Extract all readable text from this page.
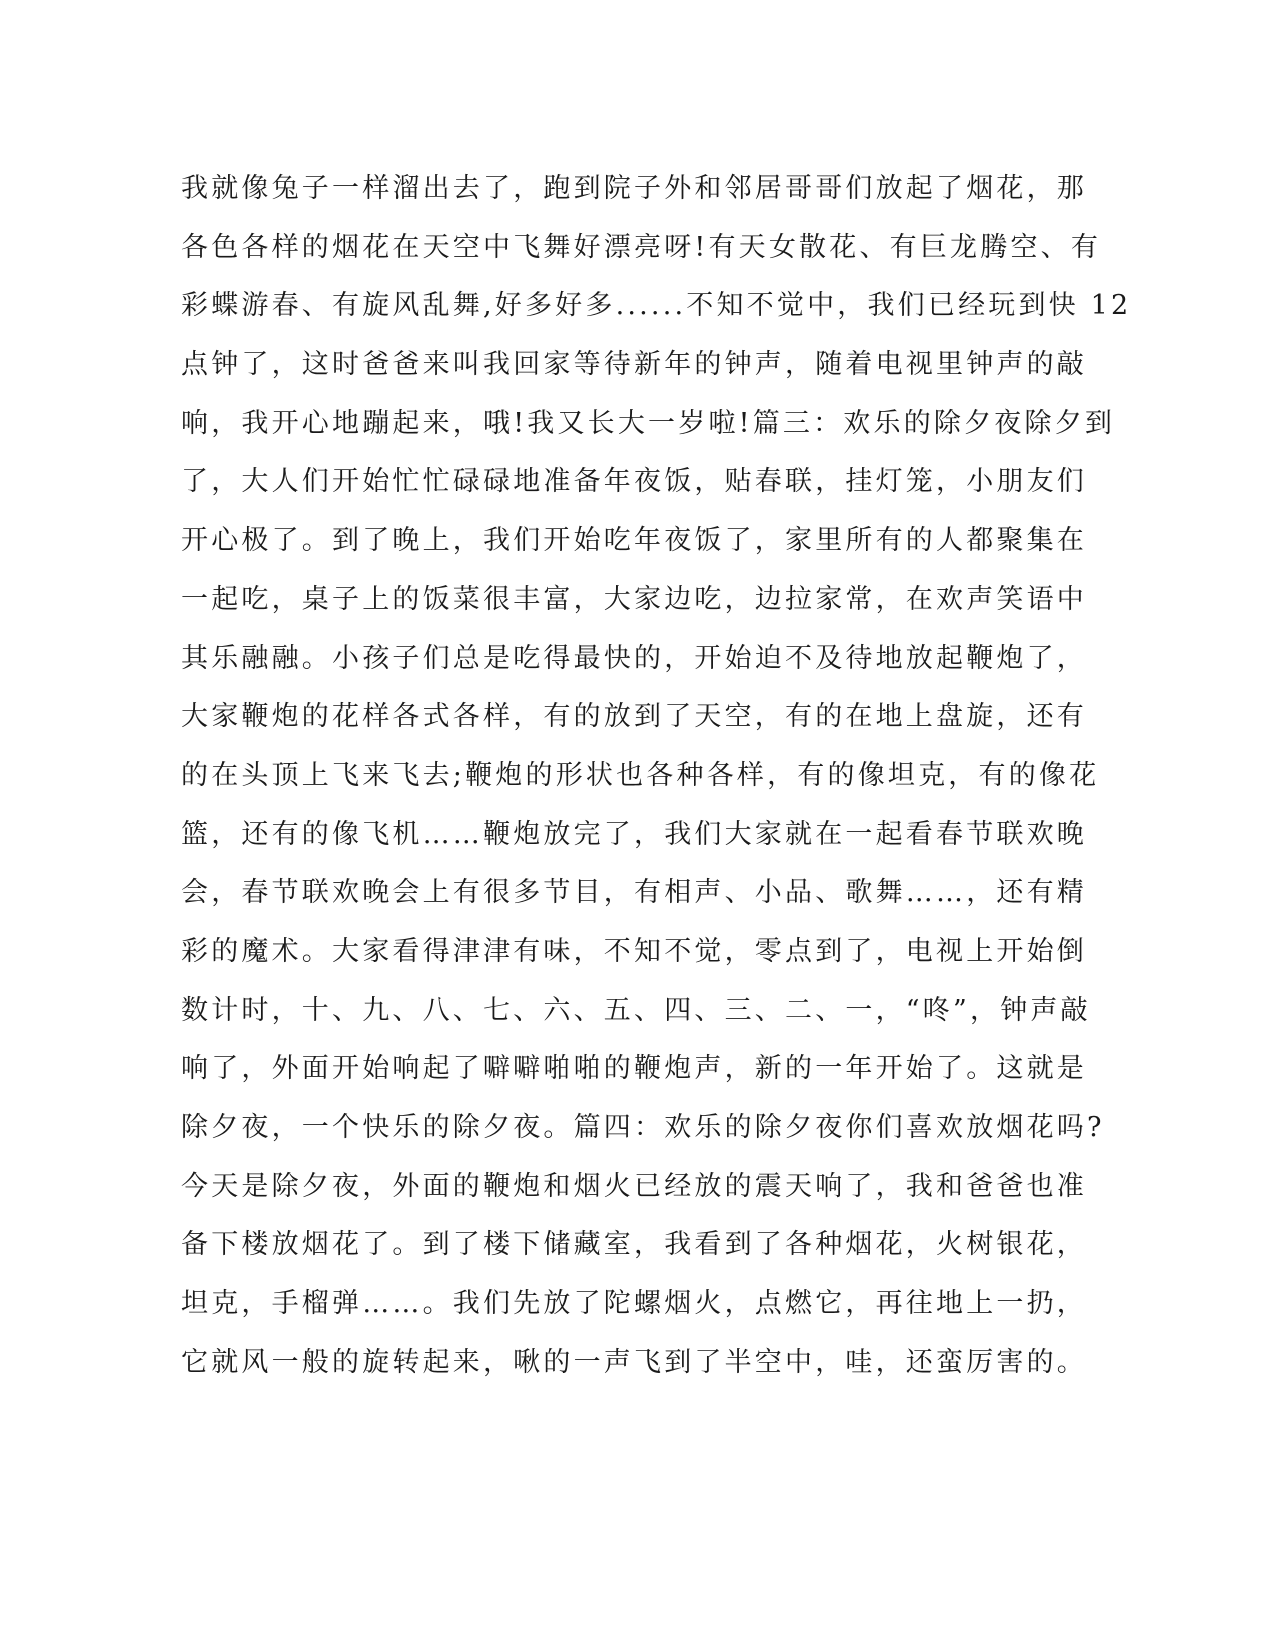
我就像兔子一样溜出去了，跑到院子外和邻居哥哥们放起了烟花，那
各色各样的烟花在天空中飞舞好漂亮呀!有天女散花、有巨龙腾空、有
彩蝶游春、有旋风乱舞,好多好多......不知不觉中，我们已经玩到快 12
点钟了，这时爸爸来叫我回家等待新年的钟声，随着电视里钟声的敲
响，我开心地蹦起来，哦!我又长大一岁啦!篇三：欢乐的除夕夜除夕到
了，大人们开始忙忙碌碌地准备年夜饭，贴春联，挂灯笼，小朋友们
开心极了。到了晚上，我们开始吃年夜饭了，家里所有的人都聚集在
一起吃，桌子上的饭菜很丰富，大家边吃，边拉家常，在欢声笑语中
其乐融融。小孩子们总是吃得最快的，开始迫不及待地放起鞭炮了，
大家鞭炮的花样各式各样，有的放到了天空，有的在地上盘旋，还有
的在头顶上飞来飞去;鞭炮的形状也各种各样，有的像坦克，有的像花
篮，还有的像飞机……鞭炮放完了，我们大家就在一起看春节联欢晚
会，春节联欢晚会上有很多节目，有相声、小品、歌舞……，还有精
彩的魔术。大家看得津津有味，不知不觉，零点到了，电视上开始倒
数计时，十、九、八、七、六、五、四、三、二、一，“咚”，钟声敲
响了，外面开始响起了噼噼啪啪的鞭炮声，新的一年开始了。这就是
除夕夜，一个快乐的除夕夜。篇四：欢乐的除夕夜你们喜欢放烟花吗?
今天是除夕夜，外面的鞭炮和烟火已经放的震天响了，我和爸爸也准
备下楼放烟花了。到了楼下储藏室，我看到了各种烟花，火树银花，
坦克，手榴弹……。我们先放了陀螺烟火，点燃它，再往地上一扔，
它就风一般的旋转起来，啾的一声飞到了半空中，哇，还蛮厉害的。
